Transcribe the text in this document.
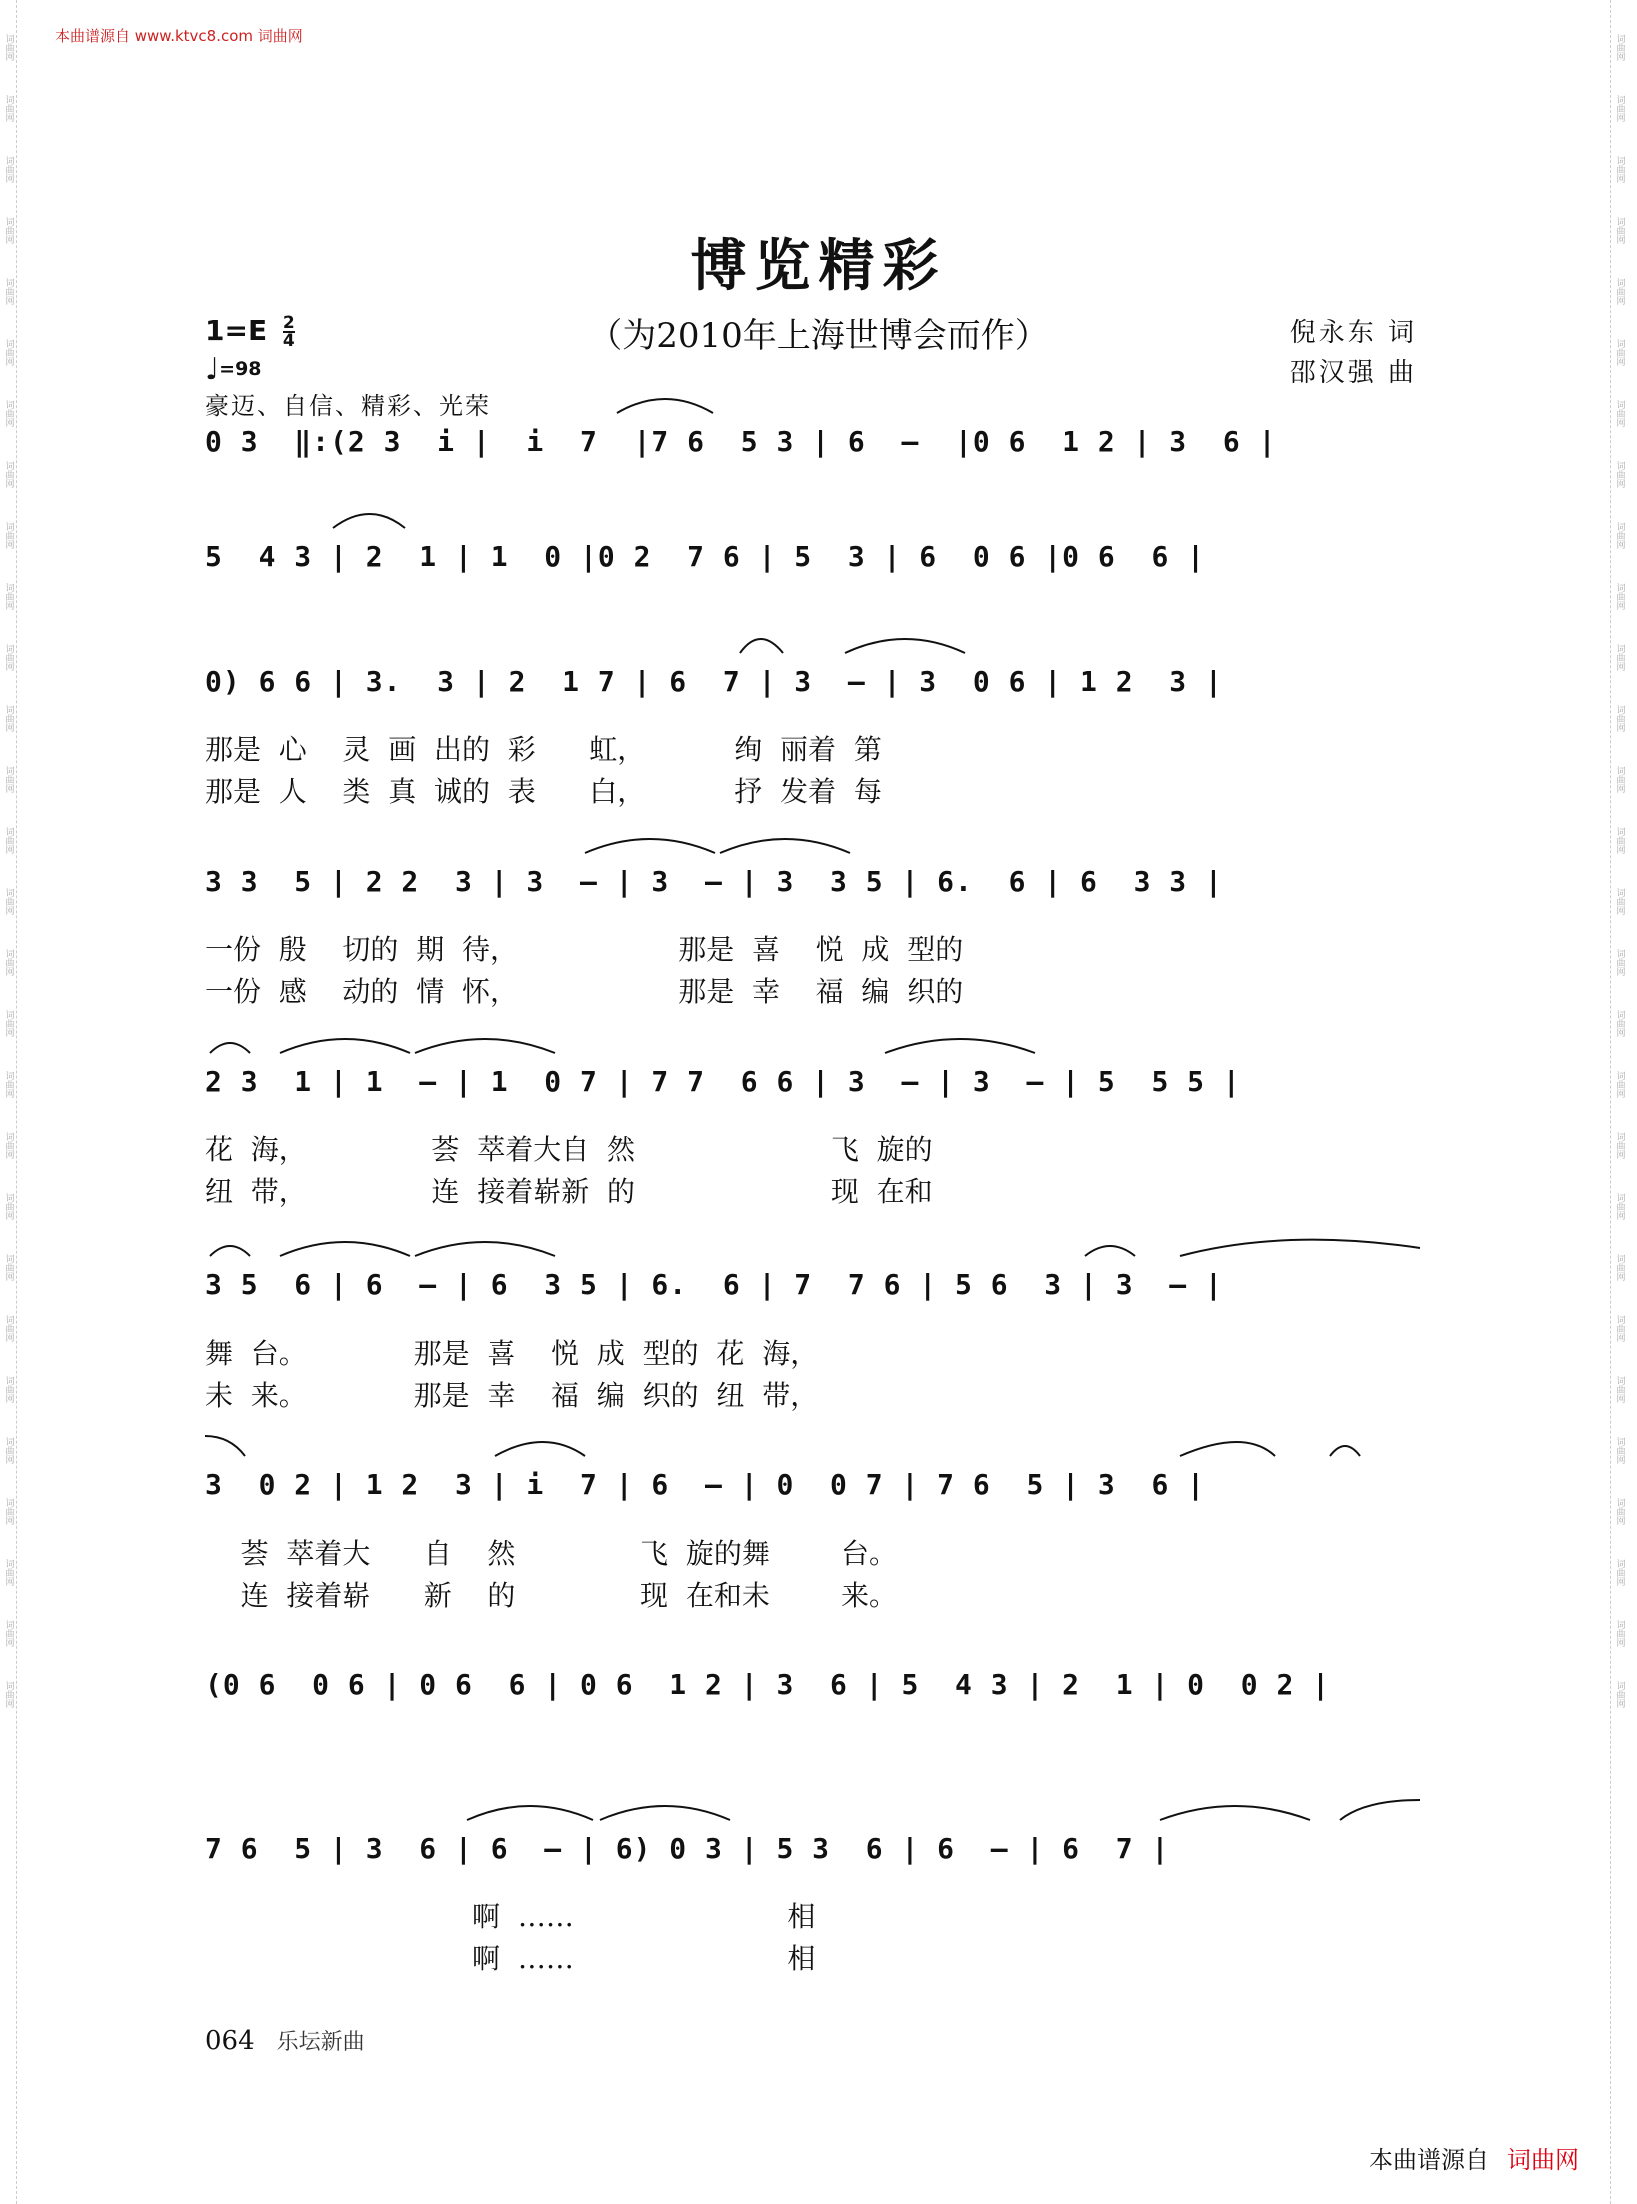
词曲网
词曲网
词曲网
词曲网
词曲网
词曲网
词曲网
词曲网
词曲网
词曲网
词曲网
词曲网
词曲网
词曲网
词曲网
词曲网
词曲网
词曲网
词曲网
词曲网
词曲网
词曲网
词曲网
词曲网
词曲网
词曲网
词曲网
词曲网
词曲网
词曲网
词曲网
词曲网
词曲网
词曲网
词曲网
词曲网
词曲网
词曲网
词曲网
词曲网
词曲网
词曲网
词曲网
词曲网
词曲网
词曲网
词曲网
词曲网
词曲网
词曲网
词曲网
词曲网
词曲网
词曲网
词曲网
词曲网
本曲谱源自 www.ktvc8.com 词曲网
博览精彩
（为2010年上海世博会而作）	倪永东 词
邵汉强 曲
$1=E \frac{2}{4}$
♩=98
豪迈、自信、精彩、光荣
0 3  ‖:(2 3  i |  i  7  |7 6  5 3 | 6  –  |0 6  1 2 | 3  6 |
5  4 3 | 2  1 | 1  0 |0 2  7 6 | 5  3 | 6  0 6 |0 6  6 |
0) 6 6 | 3.  3 | 2  1 7 | 6  7 | 3  – | 3  0 6 | 1 2  3 |
那是  心    灵  画  出的  彩      虹，          绚  丽着  第
那是  人    类  真  诚的  表      白，          抒  发着  每
3 3  5 | 2 2  3 | 3  – | 3  – | 3  3 5 | 6.  6 | 6  3 3 |
一份  殷    切的  期  待，                  那是  喜    悦  成  型的
一份  感    动的  情  怀，                  那是  幸    福  编  织的
2 3  1 | 1  – | 1  0 7 | 7 7  6 6 | 3  – | 3  – | 5  5 5 |
花  海，              荟  萃着大自  然                      飞  旋的
纽  带，              连  接着崭新  的                      现  在和
3 5  6 | 6  – | 6  3 5 | 6.  6 | 7  7 6 | 5 6  3 | 3  – |
舞  台。            那是  喜    悦  成  型的  花  海，
未  来。            那是  幸    福  编  织的  纽  带，
3  0 2 | 1 2  3 | i  7 | 6  – | 0  0 7 | 7 6  5 | 3  6 |
荟  萃着大      自    然              飞  旋的舞        台。
连  接着崭      新    的              现  在和未        来。
(0 6  0 6 | 0 6  6 | 0 6  1 2 | 3  6 | 5  4 3 | 2  1 | 0  0 2 |
7 6  5 | 3  6 | 6  – | 6) 0 3 | 5 3  6 | 6  – | 6  7 |
啊  ……                        相
啊  ……                        相
064 乐坛新曲
本曲谱源自 词曲网
